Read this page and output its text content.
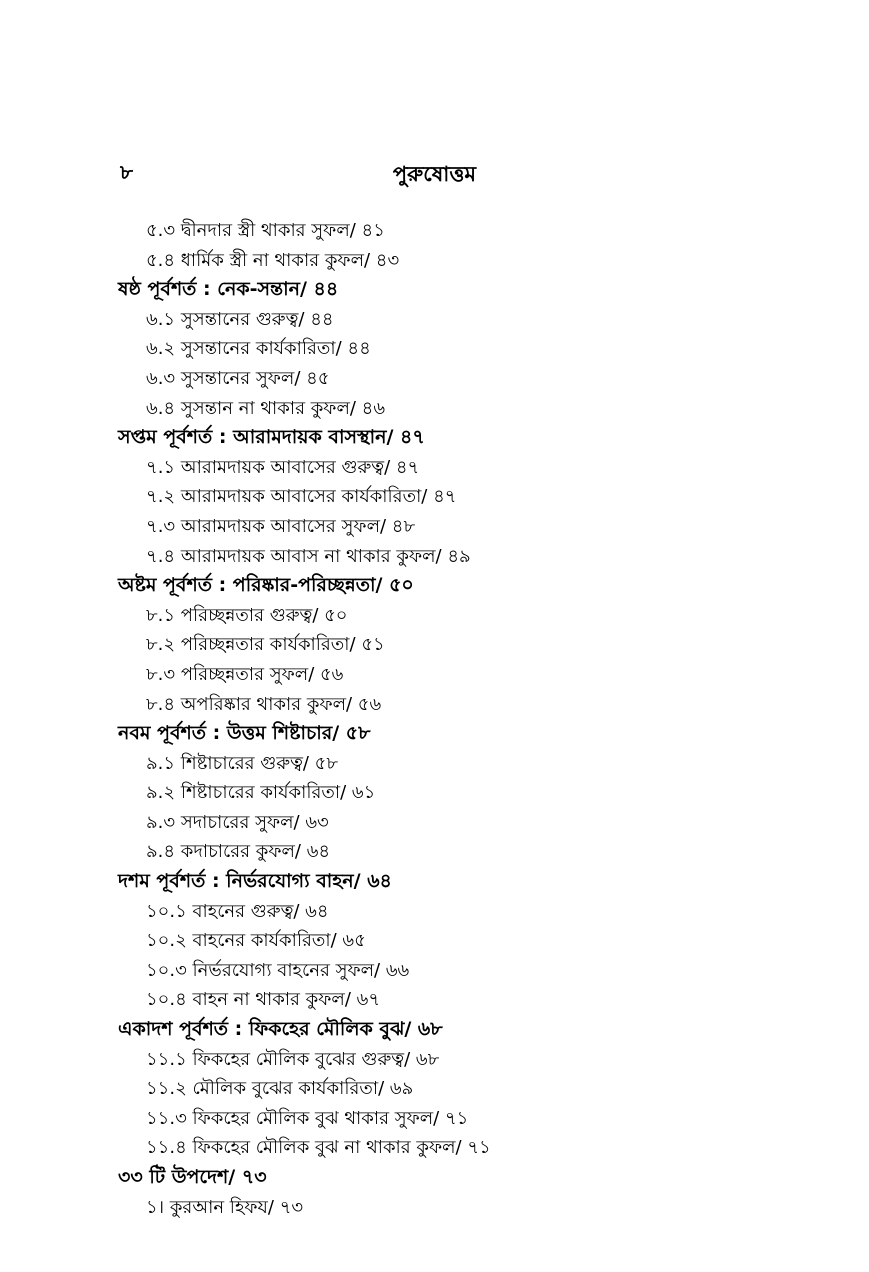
৮	পুরুষোত্তম
৫.৩ দ্বীনদার স্ত্রী থাকার সুফল/ ৪১
৫.৪ ধার্মিক স্ত্রী না থাকার কুফল/ ৪৩
ষষ্ঠ পূর্বশর্ত : নেক-সন্তান/ ৪৪
৬.১ সুসন্তানের গুরুত্ব/ ৪৪
৬.২ সুসন্তানের কার্যকারিতা/ ৪৪
৬.৩ সুসন্তানের সুফল/ ৪৫
৬.৪ সুসন্তান না থাকার কুফল/ ৪৬
সপ্তম পূর্বশর্ত : আরামদায়ক বাসস্থান/ ৪৭
৭.১ আরামদায়ক আবাসের গুরুত্ব/ ৪৭
৭.২ আরামদায়ক আবাসের কার্যকারিতা/ ৪৭
৭.৩ আরামদায়ক আবাসের সুফল/ ৪৮
৭.৪ আরামদায়ক আবাস না থাকার কুফল/ ৪৯
অষ্টম পূর্বশর্ত : পরিষ্কার-পরিচ্ছন্নতা/ ৫০
৮.১ পরিচ্ছন্নতার গুরুত্ব/ ৫০
৮.২ পরিচ্ছন্নতার কার্যকারিতা/ ৫১
৮.৩ পরিচ্ছন্নতার সুফল/ ৫৬
৮.৪ অপরিষ্কার থাকার কুফল/ ৫৬
নবম পূর্বশর্ত : উত্তম শিষ্টাচার/ ৫৮
৯.১ শিষ্টাচারের গুরুত্ব/ ৫৮
৯.২ শিষ্টাচারের কার্যকারিতা/ ৬১
৯.৩ সদাচারের সুফল/ ৬৩
৯.৪ কদাচারের কুফল/ ৬৪
দশম পূর্বশর্ত : নির্ভরযোগ্য বাহন/ ৬৪
১০.১ বাহনের গুরুত্ব/ ৬৪
১০.২ বাহনের কার্যকারিতা/ ৬৫
১০.৩ নির্ভরযোগ্য বাহনের সুফল/ ৬৬
১০.৪ বাহন না থাকার কুফল/ ৬৭
একাদশ পূর্বশর্ত : ফিকহের মৌলিক বুঝ/ ৬৮
১১.১ ফিকহের মৌলিক বুঝের গুরুত্ব/ ৬৮
১১.২ মৌলিক বুঝের কার্যকারিতা/ ৬৯
১১.৩ ফিকহের মৌলিক বুঝ থাকার সুফল/ ৭১
১১.৪ ফিকহের মৌলিক বুঝ না থাকার কুফল/ ৭১
৩৩ টি উপদেশ/ ৭৩
১। কুরআন হিফয/ ৭৩
